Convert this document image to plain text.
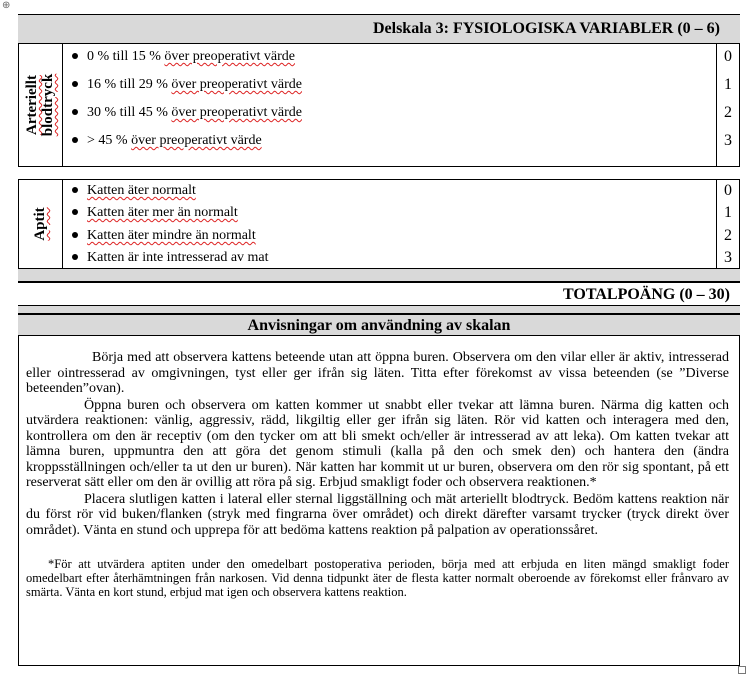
⊕
Delskala 3: FYSIOLOGISKA VARIABLER (0 – 6)
Arteriellt blodtryck
0 % till 15 % över preoperativt värde
16 % till 29 % över preoperativt värde
30 % till 45 % över preoperativt värde
> 45 % över preoperativt värde
0
1
2
3
Aptit
Katten äter normalt
Katten äter mer än normalt
Katten äter mindre än normalt
Katten är inte intresserad av mat
0
1
2
3
TOTALPOÄNG (0 – 30)
Anvisningar om användning av skalan
Börja med att observera kattens beteende utan att öppna buren. Observera om den vilar eller är aktiv, intresserad eller ointresserad av omgivningen, tyst eller ger ifrån sig läten. Titta efter förekomst av vissa beteenden (se ”Diverse beteenden”ovan).
Öppna buren och observera om katten kommer ut snabbt eller tvekar att lämna buren. Närma dig katten och utvärdera reaktionen: vänlig, aggressiv, rädd, likgiltig eller ger ifrån sig läten. Rör vid katten och interagera med den, kontrollera om den är receptiv (om den tycker om att bli smekt och/eller är intresserad av att leka). Om katten tvekar att lämna buren, uppmuntra den att göra det genom stimuli (kalla på den och smek den) och hantera den (ändra kroppsställningen och/eller ta ut den ur buren). När katten har kommit ut ur buren, observera om den rör sig spontant, på ett reserverat sätt eller om den är ovillig att röra på sig. Erbjud smakligt foder och observera reaktionen.*
Placera slutligen katten i lateral eller sternal liggställning och mät arteriellt blodtryck. Bedöm kattens reaktion när du först rör vid buken/flanken (stryk med fingrarna över området) och direkt därefter varsamt trycker (tryck direkt över området). Vänta en stund och upprepa för att bedöma kattens reaktion på palpation av operationssåret.
*För att utvärdera aptiten under den omedelbart postoperativa perioden, börja med att erbjuda en liten mängd smakligt foder omedelbart efter återhämtningen från narkosen. Vid denna tidpunkt äter de flesta katter normalt oberoende av förekomst eller frånvaro av smärta. Vänta en kort stund, erbjud mat igen och observera kattens reaktion.
